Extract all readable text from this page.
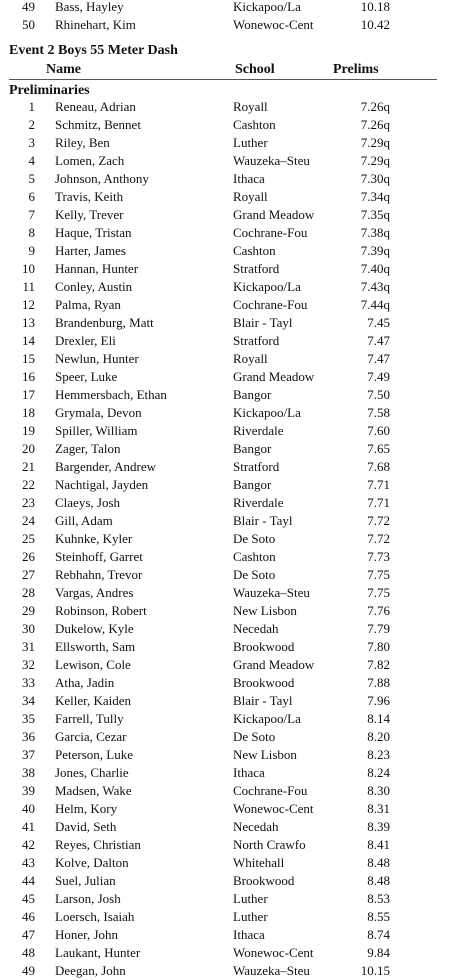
49 Bass, Hayley	Kickapoo/La	10.18
50 Rhinehart, Kim	Wonewoc-Cent	10.42
Event 2 Boys 55 Meter Dash
Name	School	Prelims
Preliminaries
1 Reneau, Adrian	Royall	7.26q
2 Schmitz, Bennet	Cashton	7.26q
3 Riley, Ben	Luther	7.29q
4 Lomen, Zach	Wauzeka–Steu	7.29q
5 Johnson, Anthony	Ithaca	7.30q
6 Travis, Keith	Royall	7.34q
7 Kelly, Trever	Grand Meadow	7.35q
8 Haque, Tristan	Cochrane-Fou	7.38q
9 Harter, James	Cashton	7.39q
10 Hannan, Hunter	Stratford	7.40q
11 Conley, Austin	Kickapoo/La	7.43q
12 Palma, Ryan	Cochrane-Fou	7.44q
13 Brandenburg, Matt	Blair - Tayl	7.45
14 Drexler, Eli	Stratford	7.47
15 Newlun, Hunter	Royall	7.47
16 Speer, Luke	Grand Meadow	7.49
17 Hemmersbach, Ethan	Bangor	7.50
18 Grymala, Devon	Kickapoo/La	7.58
19 Spiller, William	Riverdale	7.60
20 Zager, Talon	Bangor	7.65
21 Bargender, Andrew	Stratford	7.68
22 Nachtigal, Jayden	Bangor	7.71
23 Claeys, Josh	Riverdale	7.71
24 Gill, Adam	Blair - Tayl	7.72
25 Kuhnke, Kyler	De Soto	7.72
26 Steinhoff, Garret	Cashton	7.73
27 Rebhahn, Trevor	De Soto	7.75
28 Vargas, Andres	Wauzeka–Steu	7.75
29 Robinson, Robert	New Lisbon	7.76
30 Dukelow, Kyle	Necedah	7.79
31 Ellsworth, Sam	Brookwood	7.80
32 Lewison, Cole	Grand Meadow	7.82
33 Atha, Jadin	Brookwood	7.88
34 Keller, Kaiden	Blair - Tayl	7.96
35 Farrell, Tully	Kickapoo/La	8.14
36 Garcia, Cezar	De Soto	8.20
37 Peterson, Luke	New Lisbon	8.23
38 Jones, Charlie	Ithaca	8.24
39 Madsen, Wake	Cochrane-Fou	8.30
40 Helm, Kory	Wonewoc-Cent	8.31
41 David, Seth	Necedah	8.39
42 Reyes, Christian	North Crawfo	8.41
43 Kolve, Dalton	Whitehall	8.48
44 Suel, Julian	Brookwood	8.48
45 Larson, Josh	Luther	8.53
46 Loersch, Isaiah	Luther	8.55
47 Honer, John	Ithaca	8.74
48 Laukant, Hunter	Wonewoc-Cent	9.84
49 Deegan, John	Wauzeka–Steu	10.15
